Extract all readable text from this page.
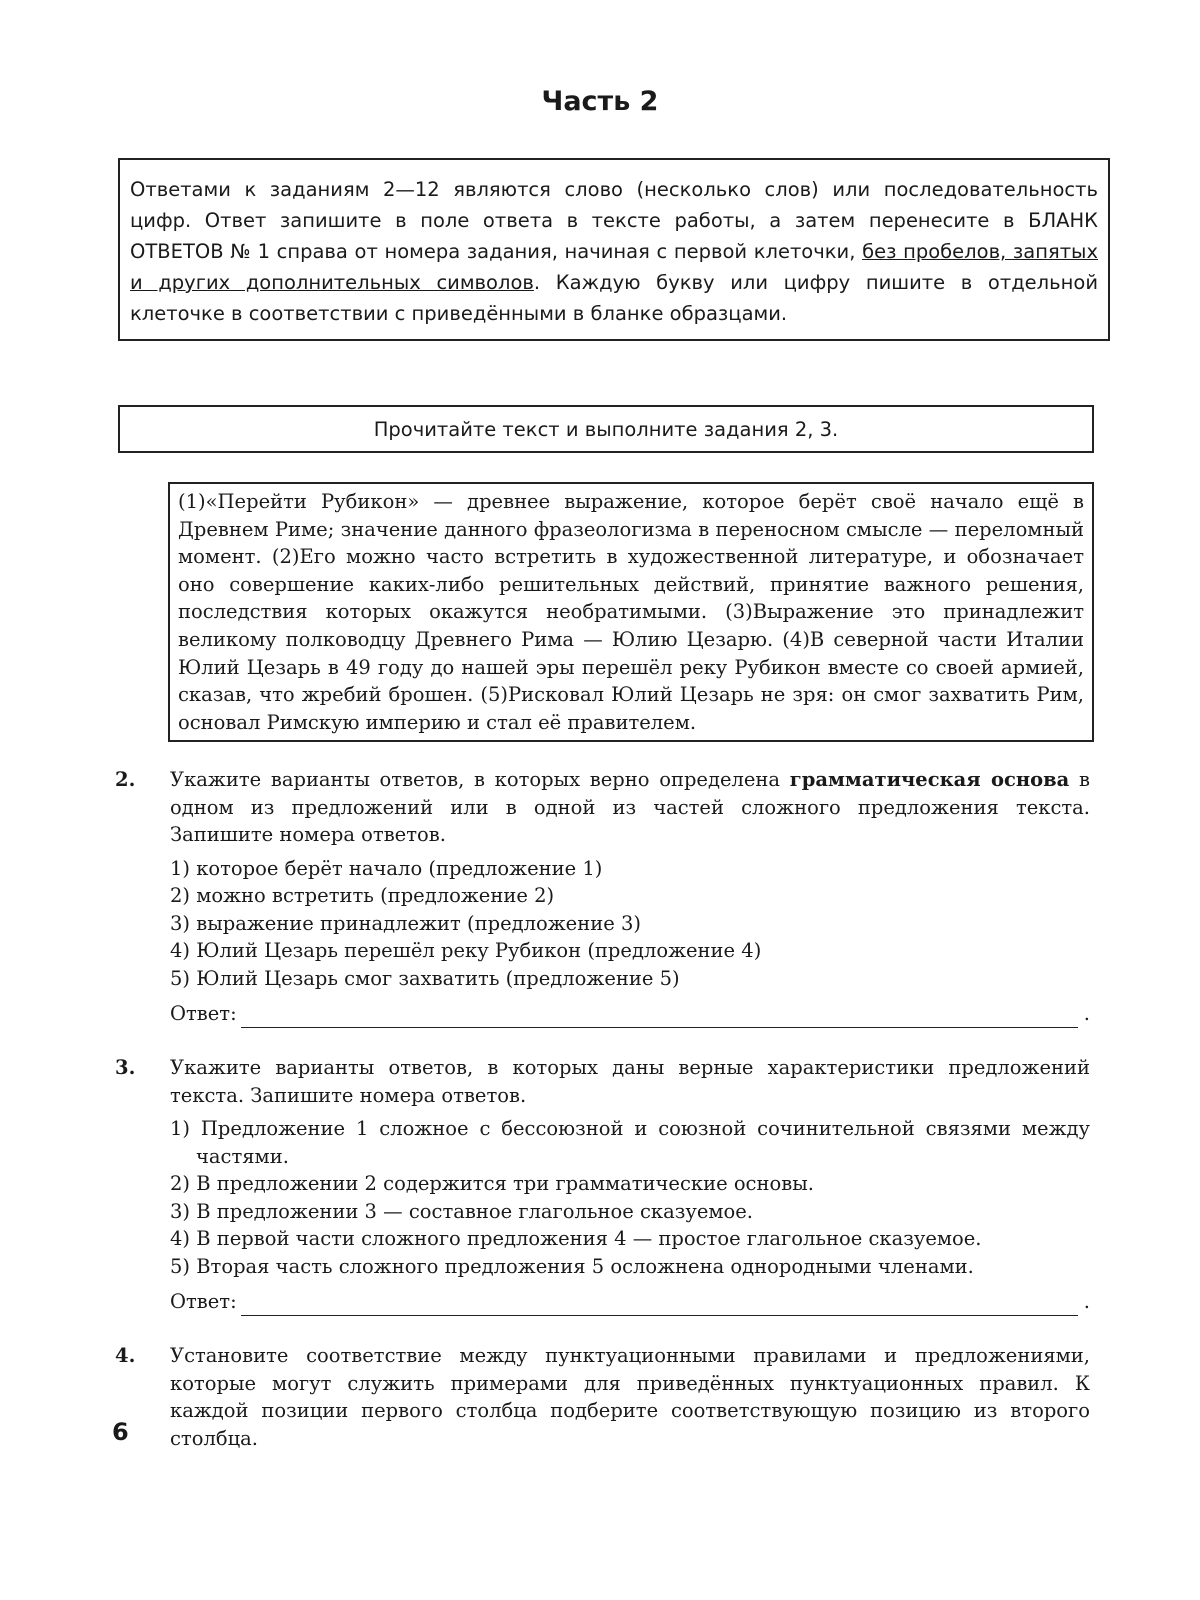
Часть 2
Ответами к заданиям 2—12 являются слово (несколько слов) или последовательность цифр. Ответ запишите в поле ответа в тексте работы, а затем перенесите в БЛАНК ОТВЕТОВ № 1 справа от номера задания, начиная с первой клеточки, без пробелов, запятых и других дополнительных символов. Каждую букву или цифру пишите в отдельной клеточке в соответствии с приведёнными в бланке образцами.
Прочитайте текст и выполните задания 2, 3.
(1)«Перейти Рубикон» — древнее выражение, которое берёт своё начало ещё в Древнем Риме; значение данного фразеологизма в переносном смысле — переломный момент. (2)Его можно часто встретить в художественной литературе, и обозначает оно совершение каких-либо решительных действий, принятие важного решения, последствия которых окажутся необратимыми. (3)Выражение это принадлежит великому полководцу Древнего Рима — Юлию Цезарю. (4)В северной части Италии Юлий Цезарь в 49 году до нашей эры перешёл реку Рубикон вместе со своей армией, сказав, что жребий брошен. (5)Рисковал Юлий Цезарь не зря: он смог захватить Рим, основал Римскую империю и стал её правителем.
2. Укажите варианты ответов, в которых верно определена грамматическая основа в одном из предложений или в одной из частей сложного предложения текста. Запишите номера ответов.
1) которое берёт начало (предложение 1)
2) можно встретить (предложение 2)
3) выражение принадлежит (предложение 3)
4) Юлий Цезарь перешёл реку Рубикон (предложение 4)
5) Юлий Цезарь смог захватить (предложение 5)
Ответ:	.
3. Укажите варианты ответов, в которых даны верные характеристики предложений текста. Запишите номера ответов.
1) Предложение 1 сложное с бессоюзной и союзной сочинительной связями между частями.
2) В предложении 2 содержится три грамматические основы.
3) В предложении 3 — составное глагольное сказуемое.
4) В первой части сложного предложения 4 — простое глагольное сказуемое.
5) Вторая часть сложного предложения 5 осложнена однородными членами.
Ответ:	.
4. Установите соответствие между пунктуационными правилами и предложениями, которые могут служить примерами для приведённых пунктуационных правил. К каждой позиции первого столбца подберите соответствующую позицию из второго столбца.
6
